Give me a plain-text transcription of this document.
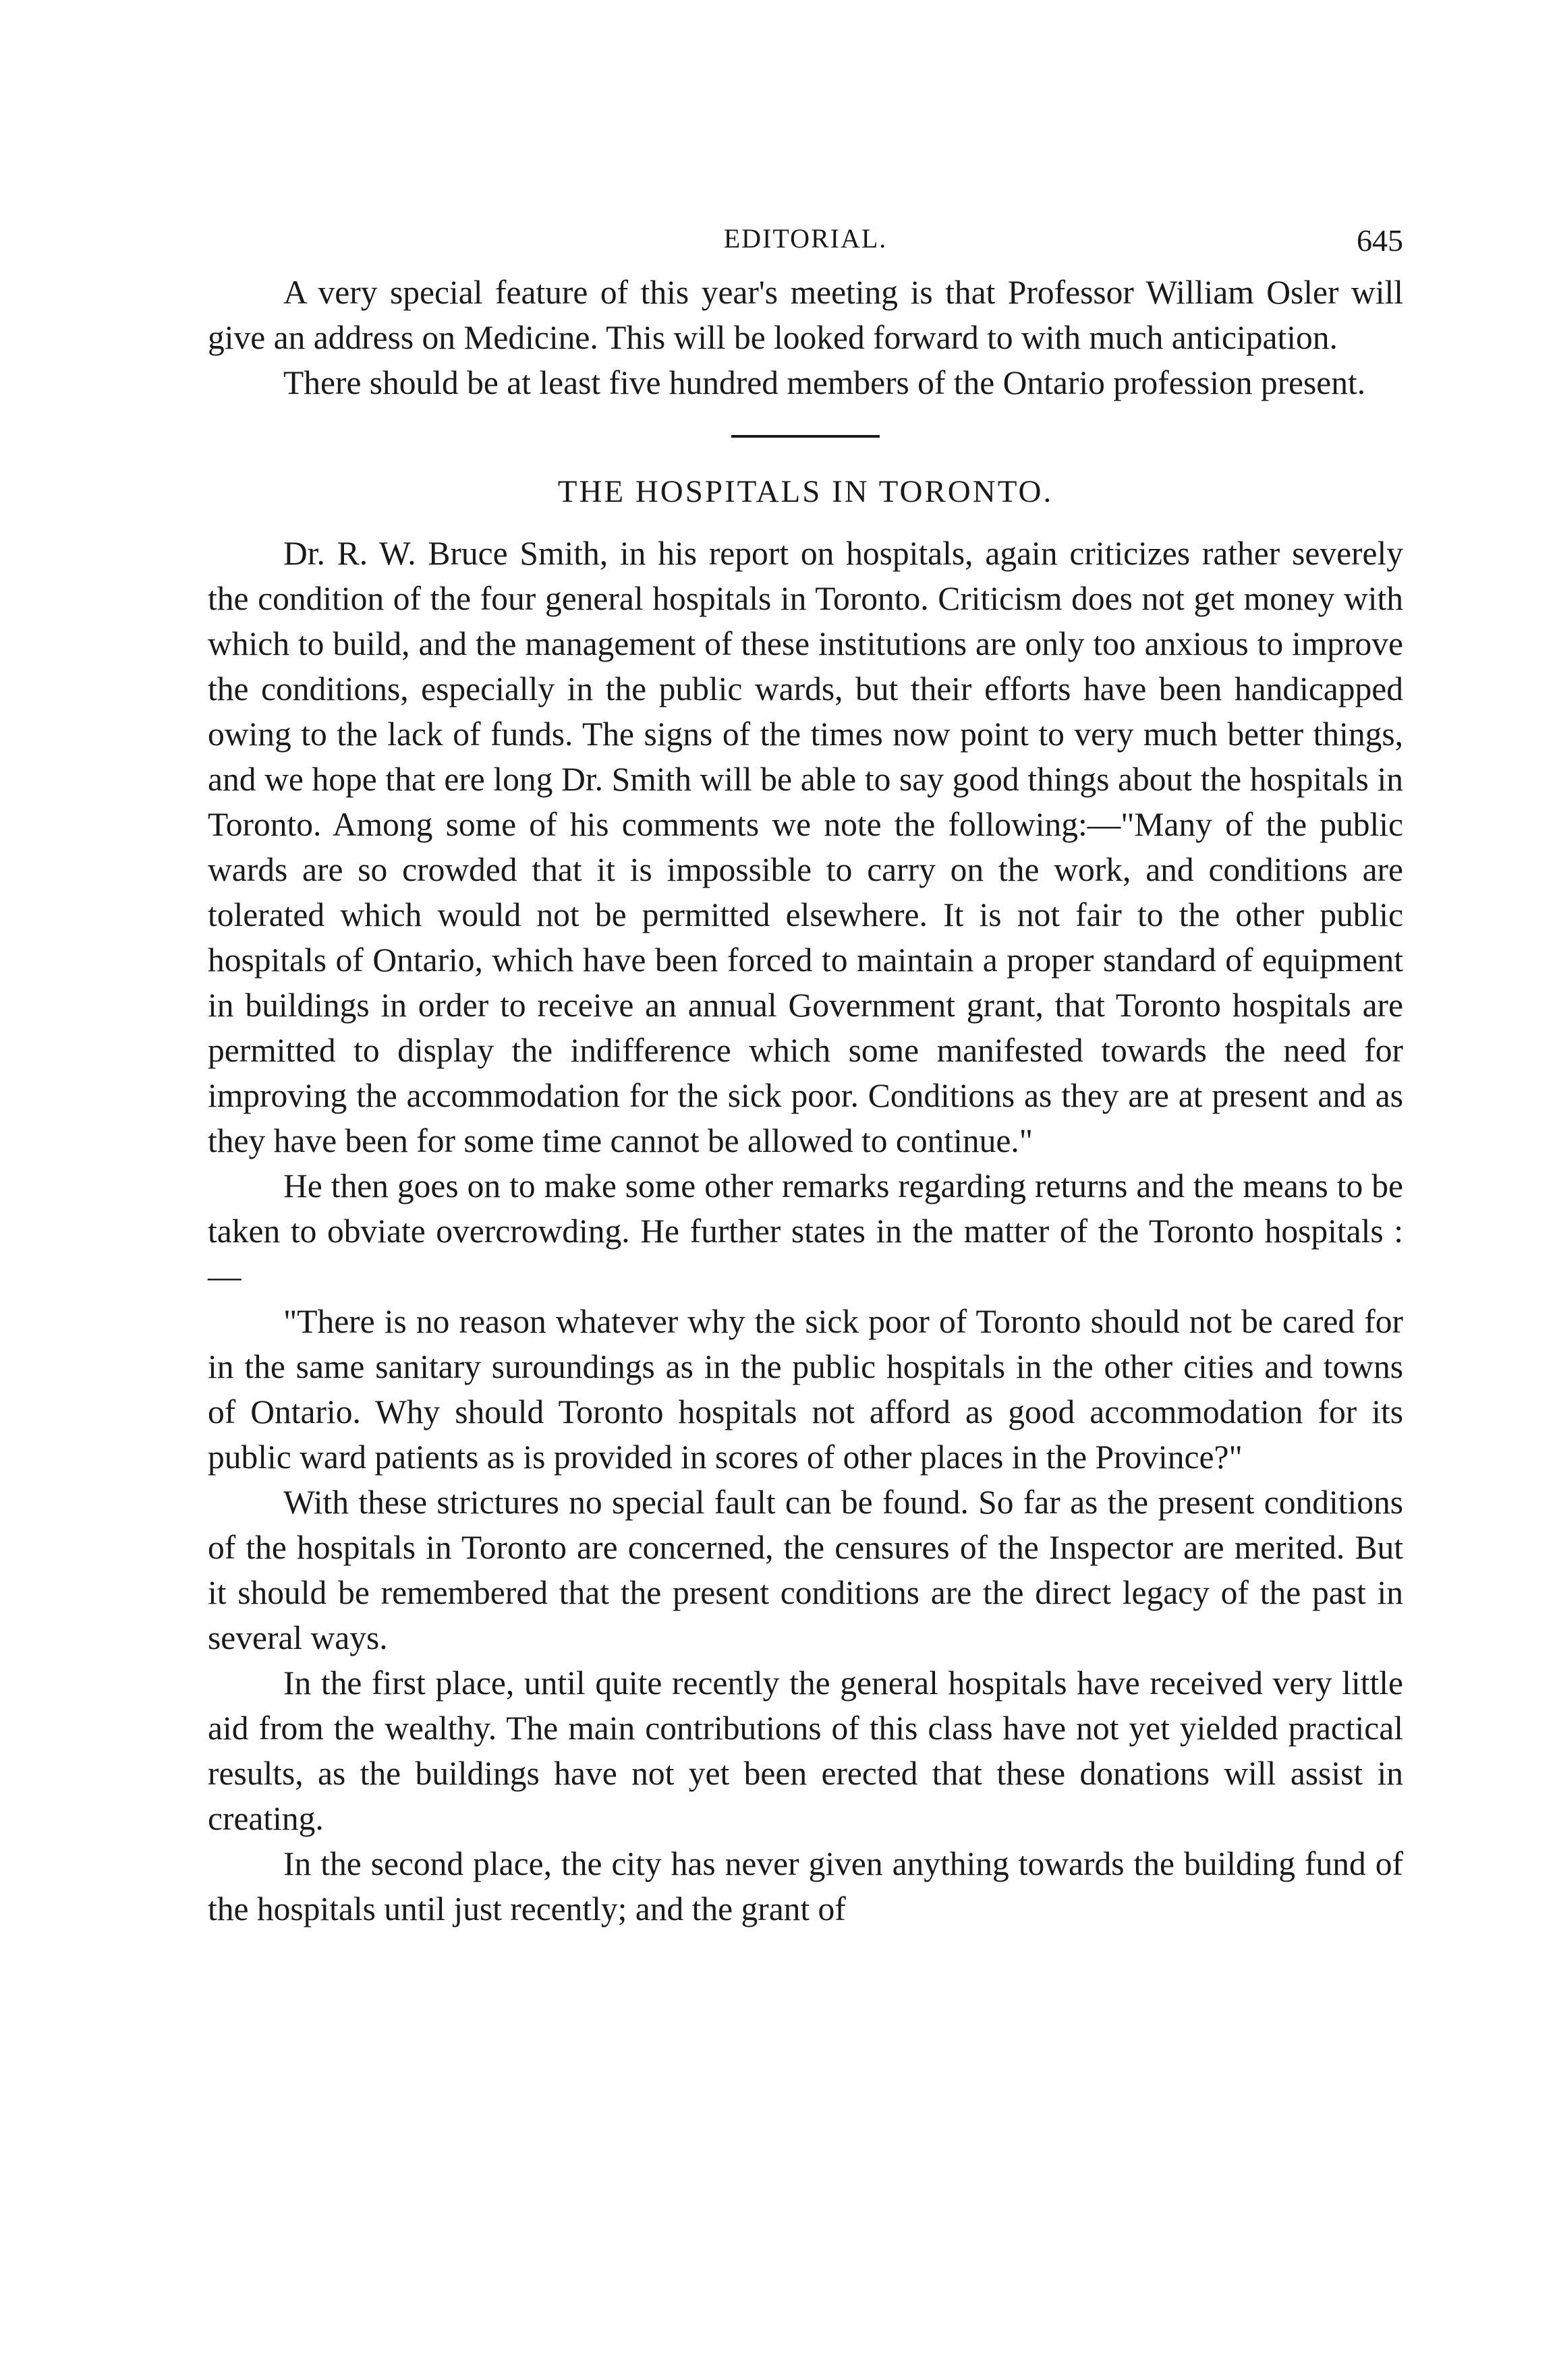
EDITORIAL.	645

A very special feature of this year's meeting is that Professor William Osler will give an address on Medicine. This will be looked forward to with much anticipation.

There should be at least five hundred members of the Ontario profession present.

THE HOSPITALS IN TORONTO.

Dr. R. W. Bruce Smith, in his report on hospitals, again criticizes rather severely the condition of the four general hospitals in Toronto. Criticism does not get money with which to build, and the management of these institutions are only too anxious to improve the conditions, especially in the public wards, but their efforts have been handicapped owing to the lack of funds. The signs of the times now point to very much better things, and we hope that ere long Dr. Smith will be able to say good things about the hospitals in Toronto. Among some of his comments we note the following:—"Many of the public wards are so crowded that it is impossible to carry on the work, and conditions are tolerated which would not be permitted elsewhere. It is not fair to the other public hospitals of Ontario, which have been forced to maintain a proper standard of equipment in buildings in order to receive an annual Government grant, that Toronto hospitals are permitted to display the indifference which some manifested towards the need for improving the accommodation for the sick poor. Conditions as they are at present and as they have been for some time cannot be allowed to continue."

He then goes on to make some other remarks regarding returns and the means to be taken to obviate overcrowding. He further states in the matter of the Toronto hospitals :—

"There is no reason whatever why the sick poor of Toronto should not be cared for in the same sanitary suroundings as in the public hospitals in the other cities and towns of Ontario. Why should Toronto hospitals not afford as good accommodation for its public ward patients as is provided in scores of other places in the Province?"

With these strictures no special fault can be found. So far as the present conditions of the hospitals in Toronto are concerned, the censures of the Inspector are merited. But it should be remembered that the present conditions are the direct legacy of the past in several ways.

In the first place, until quite recently the general hospitals have received very little aid from the wealthy. The main contributions of this class have not yet yielded practical results, as the buildings have not yet been erected that these donations will assist in creating.

In the second place, the city has never given anything towards the building fund of the hospitals until just recently; and the grant of
